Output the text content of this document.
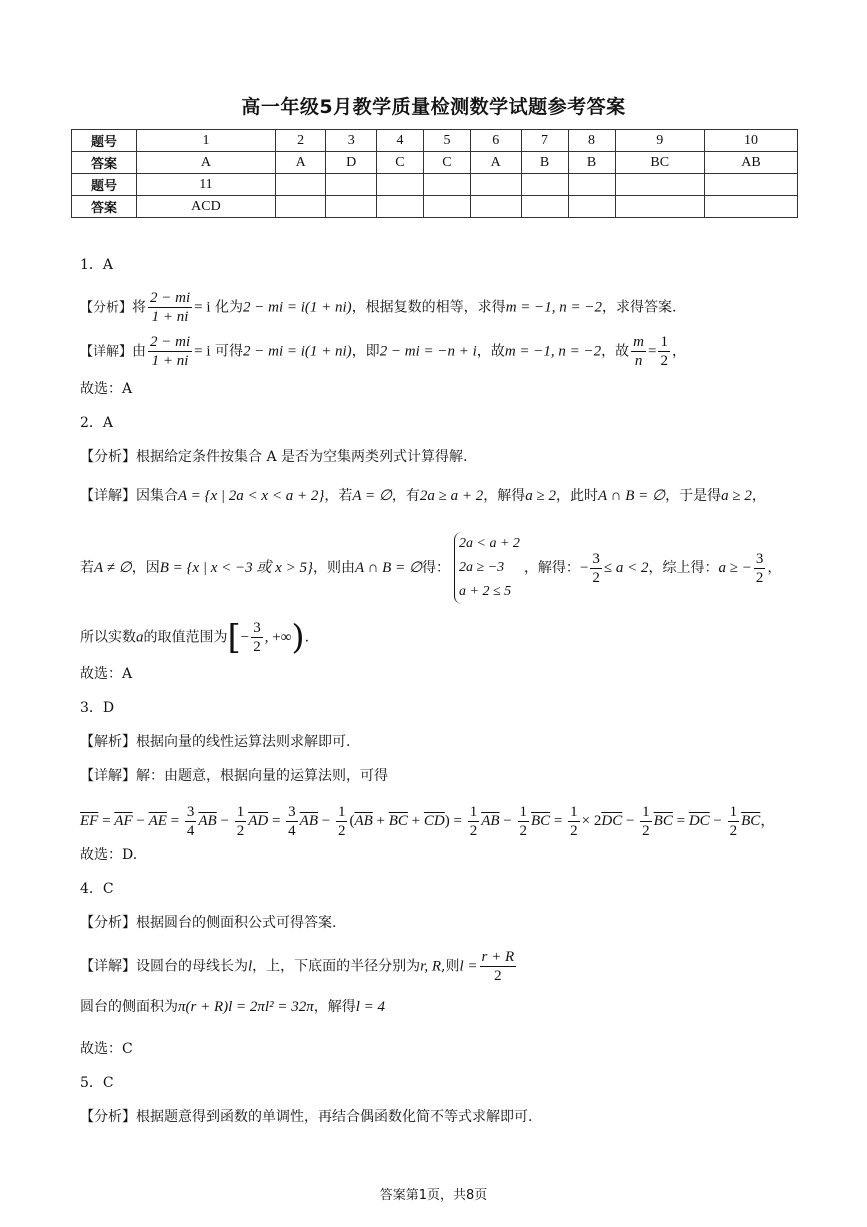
高一年级5月教学质量检测数学试题参考答案
题号	1	2	3	4	5	6	7	8	9	10
答案	A	A	D	C	C	A	B	B	BC	AB
题号	11									
答案	ACD									
1．A
【分析】将 $\frac{2 - mi}{1 + ni} = i$ 化为2 − mi = i(1 + ni)，根据复数的相等，求得m = −1, n = −2，求得答案.
【详解】由 $\frac{2 - mi}{1 + ni} = i$ 可得2 − mi = i(1 + ni)，即2 − mi = −n + i，故m = −1, n = −2，故 $\frac{m}{n} = \frac{1}{2}$ ，
故选：A
2．A
【分析】根据给定条件按集合 A 是否为空集两类列式计算得解.
【详解】因集合A = {x | 2a < x < a + 2}，若A = ∅，有2a ≥ a + 2，解得a ≥ 2，此时A ∩ B = ∅，于是得a ≥ 2，
若A ≠ ∅，因B = {x | x < −3 或 x > 5}，则由A ∩ B = ∅得：
2a < a + 2
2a ≥ −3
a + 2 ≤ 5
，解得：− $\frac{3}{2} \le a < 2$，综上得：a ≥ − $\frac{3}{2}$ ，
所以实数a的取值范围为[− $\frac{3}{2}$ , +∞).
故选：A
3．D
【解析】根据向量的线性运算法则求解即可.
【详解】解：由题意，根据向量的运算法则，可得
$\overline{EF} = \overline{AF} - \overline{AE} = \frac{3}{4} \overline{AB} - \frac{1}{2} \overline{AD} = \frac{3}{4} \overline{AB} - \frac{1}{2} (\overline{AB} + \overline{BC} + \overline{CD}) = \frac{1}{2} \overline{AB} - \frac{1}{2} \overline{BC} = \frac{1}{2} \times 2\overline{DC} - \frac{1}{2} \overline{BC} = \overline{DC} - \frac{1}{2} \overline{BC}$，
故选：D.
4．C
【分析】根据圆台的侧面积公式可得答案.
【详解】设圆台的母线长为l，上，下底面的半径分别为r, R,则$l = \frac{r + R}{2}$
圆台的侧面积为π(r + R)l = 2πl² = 32π，解得l = 4
故选：C
5．C
【分析】根据题意得到函数的单调性，再结合偶函数化简不等式求解即可.
答案第1页，共8页
